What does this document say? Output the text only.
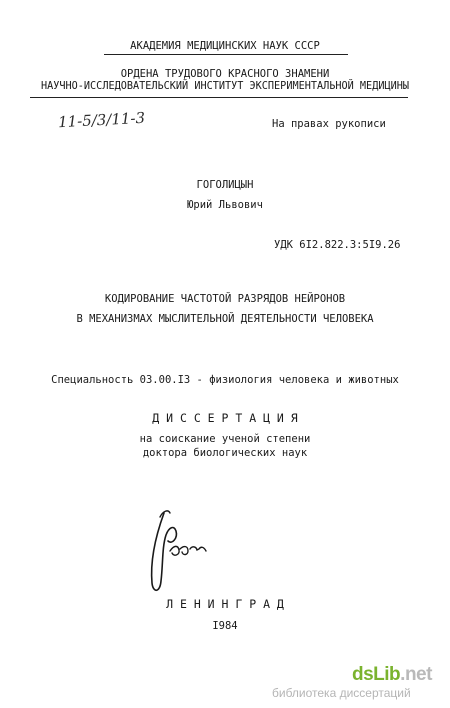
АКАДЕМИЯ МЕДИЦИНСКИХ НАУК СССР
ОРДЕНА ТРУДОВОГО КРАСНОГО ЗНАМЕНИ
НАУЧНО-ИССЛЕДОВАТЕЛЬСКИЙ ИНСТИТУТ ЭКСПЕРИМЕНТАЛЬНОЙ МЕДИЦИНЫ
11-5/3/11-3	На правах рукописи
ГОГОЛИЦЫН
Юрий Львович
УДК 6I2.822.3:5I9.26
КОДИРОВАНИЕ ЧАСТОТОЙ РАЗРЯДОВ НЕЙРОНОВ
В МЕХАНИЗМАХ МЫСЛИТЕЛЬНОЙ ДЕЯТЕЛЬНОСТИ ЧЕЛОВЕКА
Специальность 03.00.I3 - физиология человека и животных
Д И С С Е Р Т А Ц И Я
на соискание ученой степени
доктора биологических наук
Л Е Н И Н Г Р А Д
I984
dsLib.net
библиотека диссертаций
